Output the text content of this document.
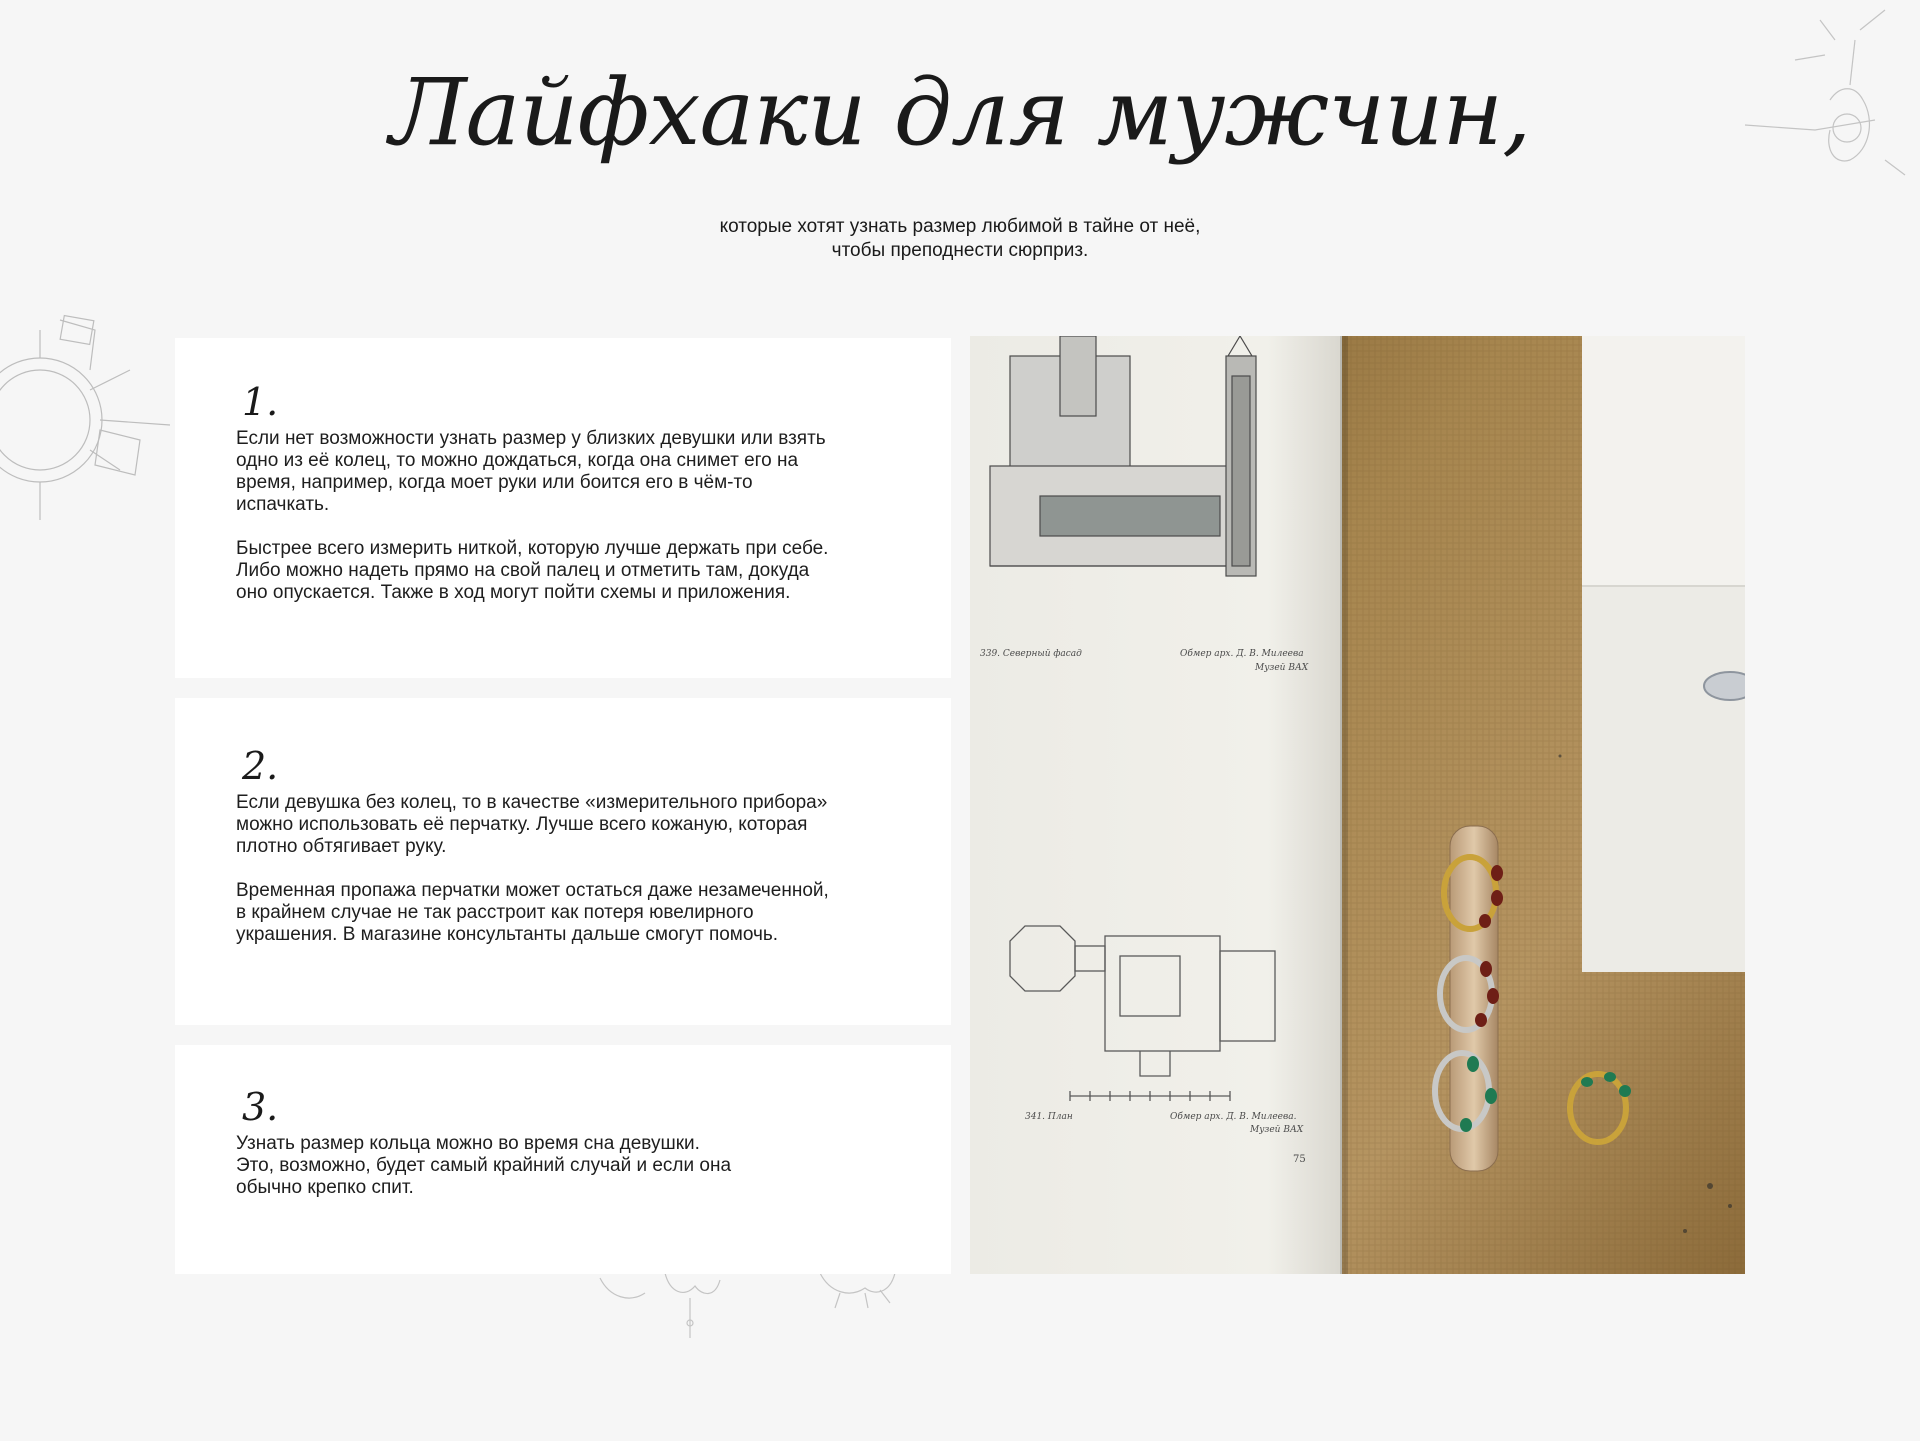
Лайфхаки для мужчин,
которые хотят узнать размер любимой в тайне от неё,
чтобы преподнести сюрприз.
1.

Если нет возможности узнать размер у близких девушки или взять
одно из её колец, то можно дождаться, когда она снимет его на
время, например, когда моет руки или боится его в чём-то
испачкать.

Быстрее всего измерить ниткой, которую лучше держать при себе.
Либо можно надеть прямо на свой палец и отметить там, докуда
оно опускается. Также в ход могут пойти схемы и приложения.

2.

Если девушка без колец, то в качестве «измерительного прибора»
можно использовать её перчатку. Лучше всего кожаную, которая
плотно обтягивает руку.

Временная пропажа перчатки может остаться даже незамеченной,
в крайнем случае не так расстроит как потеря ювелирного
украшения. В магазине консультанты дальше смогут помочь.

3.

Узнать размер кольца можно во время сна девушки.
Это, возможно, будет самый крайний случай и если она
обычно крепко спит.

339. Северный фасад	Обмер арх. Д. В. Милеева
Музей ВАХ
341. План	Обмер арх. Д. В. Милеева.
Музей ВАХ
75
